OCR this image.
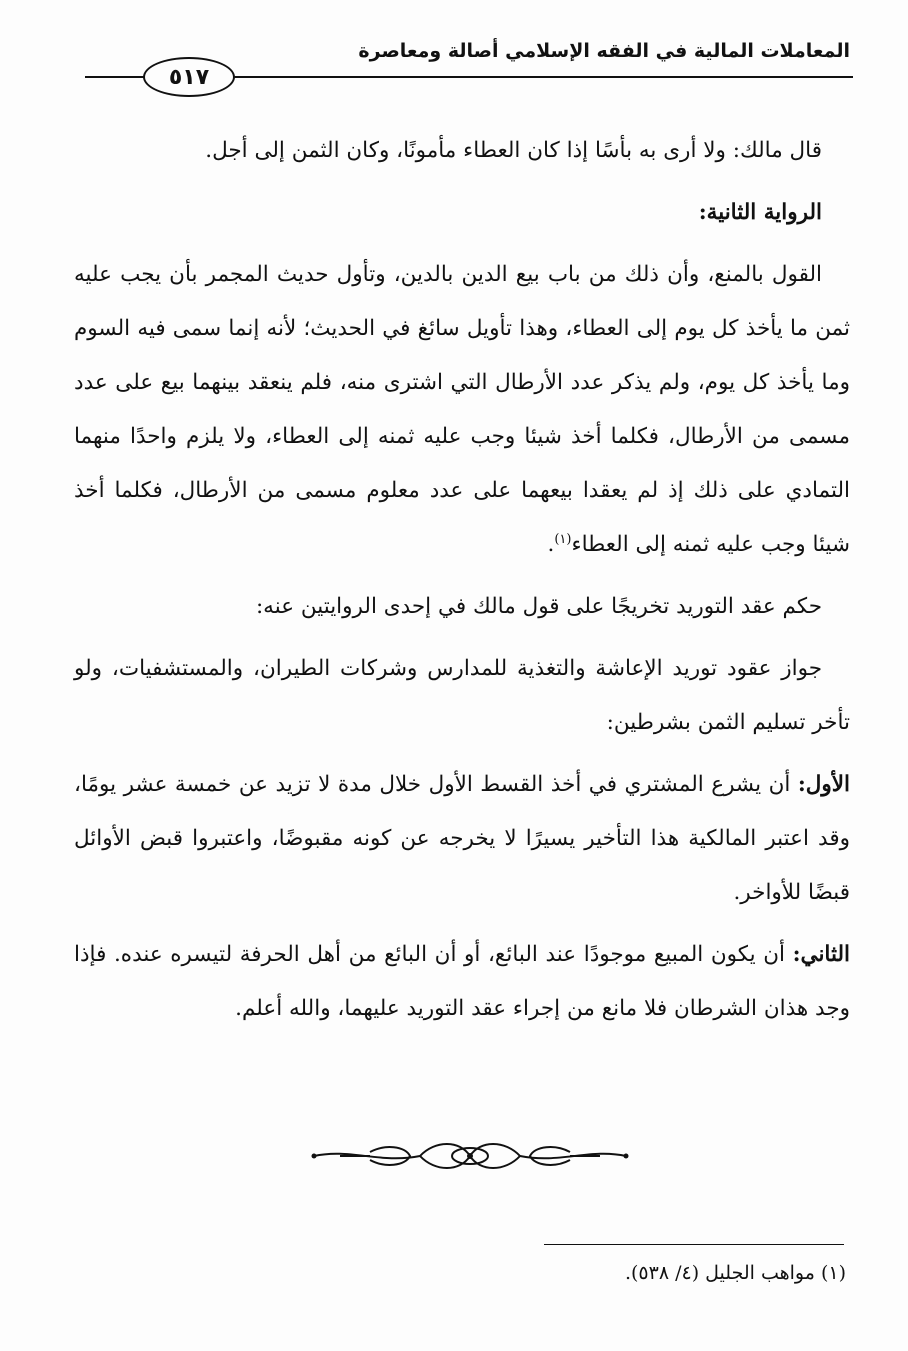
المعاملات المالية في الفقه الإسلامي أصالة ومعاصرة
٥١٧

قال مالك: ولا أرى به بأسًا إذا كان العطاء مأمونًا، وكان الثمن إلى أجل.

الرواية الثانية:

القول بالمنع، وأن ذلك من باب بيع الدين بالدين، وتأول حديث المجمر بأن يجب عليه ثمن ما يأخذ كل يوم إلى العطاء، وهذا تأويل سائغ في الحديث؛ لأنه إنما سمى فيه السوم وما يأخذ كل يوم، ولم يذكر عدد الأرطال التي اشترى منه، فلم ينعقد بينهما بيع على عدد مسمى من الأرطال، فكلما أخذ شيئا وجب عليه ثمنه إلى العطاء، ولا يلزم واحدًا منهما التمادي على ذلك إذ لم يعقدا بيعهما على عدد معلوم مسمى من الأرطال، فكلما أخذ شيئا وجب عليه ثمنه إلى العطاء$^{(١)}$.

حكم عقد التوريد تخريجًا على قول مالك في إحدى الروايتين عنه:

جواز عقود توريد الإعاشة والتغذية للمدارس وشركات الطيران، والمستشفيات، ولو تأخر تسليم الثمن بشرطين:

الأول: أن يشرع المشتري في أخذ القسط الأول خلال مدة لا تزيد عن خمسة عشر يومًا، وقد اعتبر المالكية هذا التأخير يسيرًا لا يخرجه عن كونه مقبوضًا، واعتبروا قبض الأوائل قبضًا للأواخر.

الثاني: أن يكون المبيع موجودًا عند البائع، أو أن البائع من أهل الحرفة لتيسره عنده. فإذا وجد هذان الشرطان فلا مانع من إجراء عقد التوريد عليهما، والله أعلم.

(١) مواهب الجليل (٤/ ٥٣٨).
